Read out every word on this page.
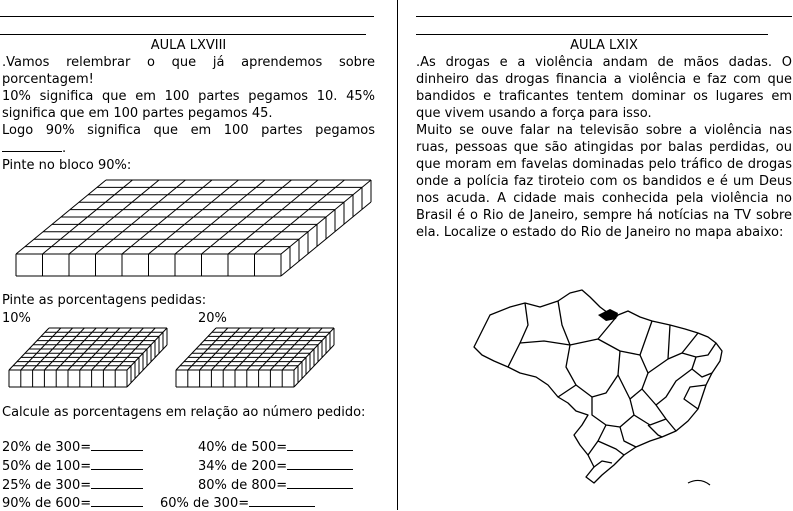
AULA LXVIII
.Vamos relembrar o que já aprendemos sobre porcentagem!
10% significa que em 100 partes pegamos 10. 45% significa que em 100 partes pegamos 45.
Logo 90% significa que em 100 partes pegamos.
Pinte no bloco 90%:
Pinte as porcentagens pedidas:
10%	20%
Calcule as porcentagens em relação ao número pedido:
20% de 300=	40% de 500=
50% de 100=	34% de 200=
25% de 300=	80% de 800=
90% de 600=	60% de 300=
AULA LXIX
.As drogas e a violência andam de mãos dadas. O dinheiro das drogas financia a violência e faz com que bandidos e traficantes tentem dominar os lugares em que vivem usando a força para isso.
Muito se ouve falar na televisão sobre a violência nas ruas, pessoas que são atingidas por balas perdidas, ou que moram em favelas dominadas pelo tráfico de drogas onde a polícia faz tiroteio com os bandidos e é um Deus nos acuda. A cidade mais conhecida pela violência no Brasil é o Rio de Janeiro, sempre há notícias na TV sobre ela. Localize o estado do Rio de Janeiro no mapa abaixo:
